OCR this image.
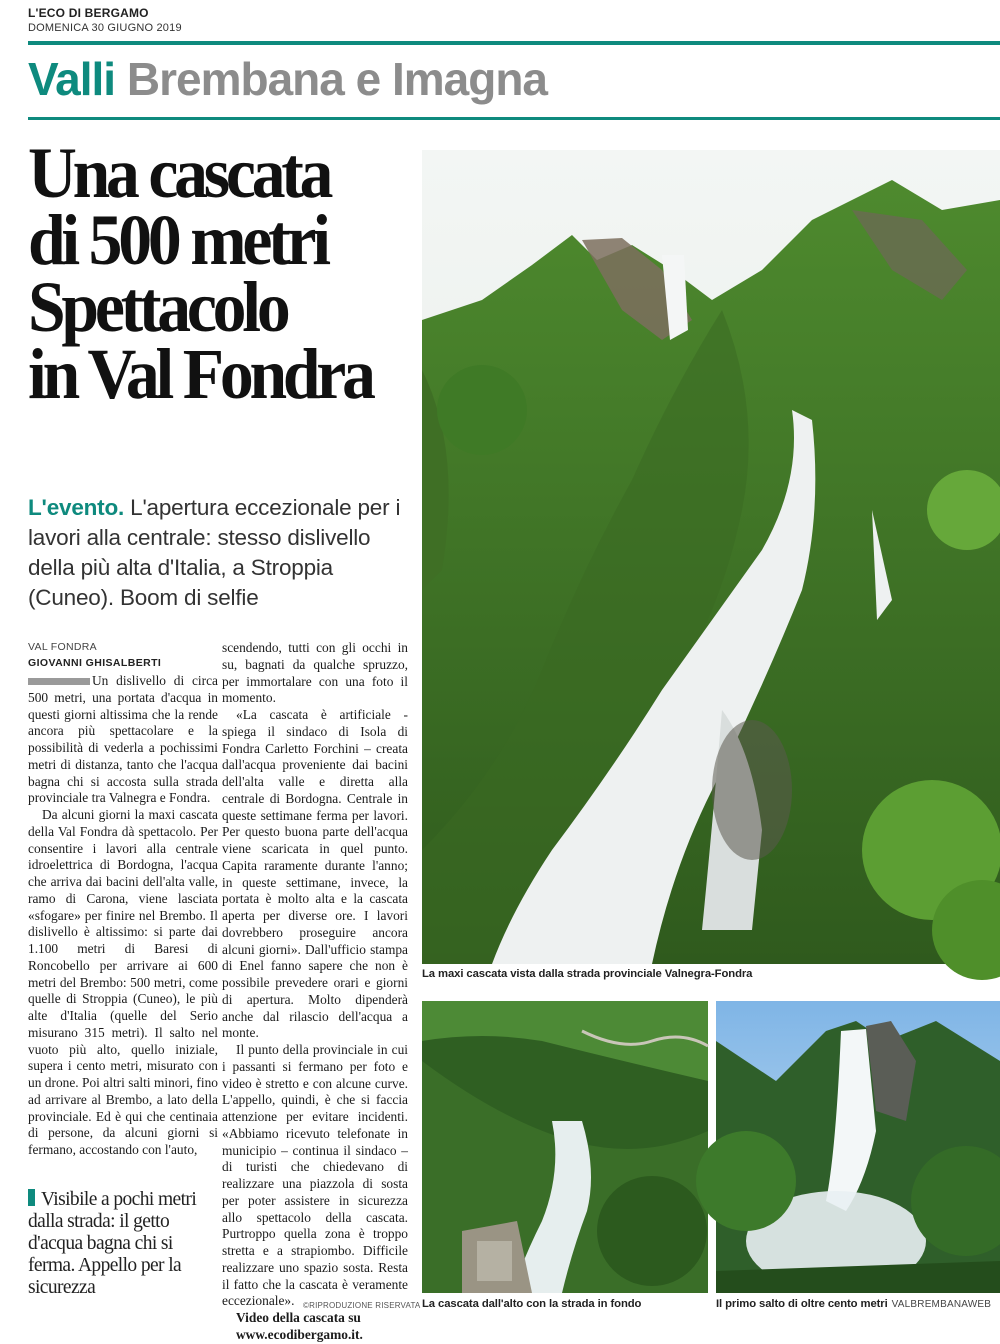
L'ECO DI BERGAMO
DOMENICA 30 GIUGNO 2019
Valli Brembana e Imagna
Una cascata
di 500 metri
Spettacolo
in Val Fondra
L'evento. L'apertura eccezionale per i lavori alla centrale: stesso dislivello della più alta d'Italia, a Stroppia (Cuneo). Boom di selfie
VAL FONDRA
GIOVANNI GHISALBERTI

Un dislivello di circa 500 metri, una portata d'acqua in questi giorni altissima che la rende ancora più spettacolare e la possibilità di vederla a pochissimi metri di distanza, tanto che l'acqua bagna chi si accosta sulla strada provinciale tra Valnegra e Fondra.

Da alcuni giorni la maxi cascata della Val Fondra dà spettacolo. Per consentire i lavori alla centrale idroelettrica di Bordogna, l'acqua che arriva dai bacini dell'alta valle, ramo di Carona, viene lasciata «sfogare» per finire nel Brembo. Il dislivello è altissimo: si parte dai 1.100 metri di Baresi di Roncobello per arrivare ai 600 metri del Brembo: 500 metri, come quelle di Stroppia (Cuneo), le più alte d'Italia (quelle del Serio misurano 315 metri). Il salto nel vuoto più alto, quello iniziale, supera i cento metri, misurato con un drone. Poi altri salti minori, fino ad arrivare al Brembo, a lato della provinciale. Ed è qui che centinaia di persone, da alcuni giorni si fermano, accostando con l'auto,

scendendo, tutti con gli occhi in su, bagnati da qualche spruzzo, per immortalare con una foto il momento.

«La cascata è artificiale - spiega il sindaco di Isola di Fondra Carletto Forchini – creata dall'acqua proveniente dai bacini dell'alta valle e diretta alla centrale di Bordogna. Centrale in queste settimane ferma per lavori. Per questo buona parte dell'acqua viene scaricata in quel punto. Capita raramente durante l'anno; in queste settimane, invece, la portata è molto alta e la cascata aperta per diverse ore. I lavori dovrebbero proseguire ancora alcuni giorni». Dall'ufficio stampa di Enel fanno sapere che non è possibile prevedere orari e giorni di apertura. Molto dipenderà anche dal rilascio dell'acqua a monte.

Il punto della provinciale in cui i passanti si fermano per foto e video è stretto e con alcune curve. L'appello, quindi, è che si faccia attenzione per evitare incidenti. «Abbiamo ricevuto telefonate in municipio – continua il sindaco – di turisti che chiedevano di realizzare una piazzola di sosta per poter assistere in sicurezza allo spettacolo della cascata. Purtroppo quella zona è troppo stretta e a strapiombo. Difficile realizzare uno spazio sosta. Resta il fatto che la cascata è veramente eccezionale».

Video della cascata su
www.ecodibergamo.it.

Visibile a pochi metri dalla strada: il getto d'acqua bagna chi si ferma. Appello per la sicurezza
©RIPRODUZIONE RISERVATA
La maxi cascata vista dalla strada provinciale Valnegra-Fondra
La cascata dall'alto con la strada in fondo	Il primo salto di oltre cento metri VALBREMBANAWEB
